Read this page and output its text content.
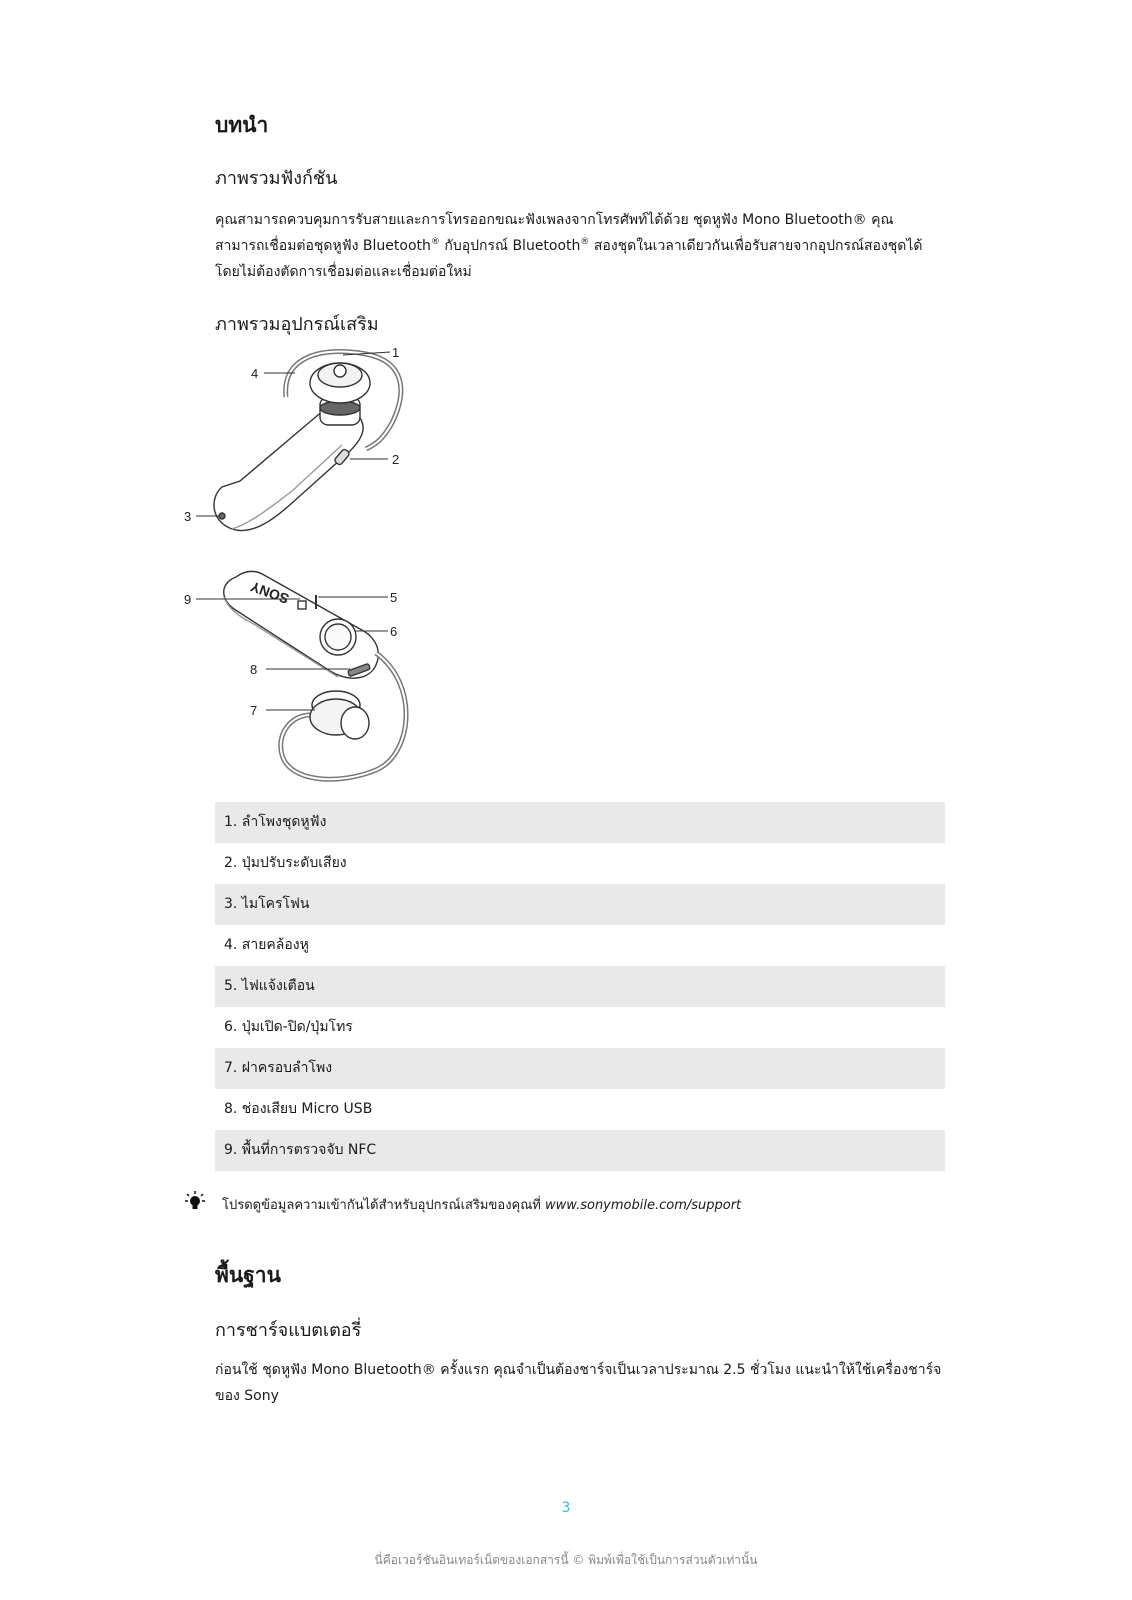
บทนำ
ภาพรวมฟังก์ชัน
คุณสามารถควบคุมการรับสายและการโทรออกขณะฟังเพลงจากโทรศัพท์ได้ด้วย ชุดหูฟัง Mono Bluetooth® คุณ
สามารถเชื่อมต่อชุดหูฟัง Bluetooth® กับอุปกรณ์ Bluetooth® สองชุดในเวลาเดียวกันเพื่อรับสายจากอุปกรณ์สองชุดได้
โดยไม่ต้องตัดการเชื่อมต่อและเชื่อมต่อใหม่
ภาพรวมอุปกรณ์เสริม
1
2
3
4
SONY	5
6
7
8
9
1. ลำโพงชุดหูฟัง
2. ปุ่มปรับระดับเสียง
3. ไมโครโฟน
4. สายคล้องหู
5. ไฟแจ้งเตือน
6. ปุ่มเปิด-ปิด/ปุ่มโทร
7. ฝาครอบลำโพง
8. ช่องเสียบ Micro USB
9. พื้นที่การตรวจจับ NFC
โปรดดูข้อมูลความเข้ากันได้สำหรับอุปกรณ์เสริมของคุณที่ www.sonymobile.com/support
พื้นฐาน
การชาร์จแบตเตอรี่
ก่อนใช้ ชุดหูฟัง Mono Bluetooth® ครั้งแรก คุณจำเป็นต้องชาร์จเป็นเวลาประมาณ 2.5 ชั่วโมง แนะนำให้ใช้เครื่องชาร์จ
ของ Sony
3
นี่คือเวอร์ชันอินเทอร์เน็ตของเอกสารนี้ © พิมพ์เพื่อใช้เป็นการส่วนตัวเท่านั้น
